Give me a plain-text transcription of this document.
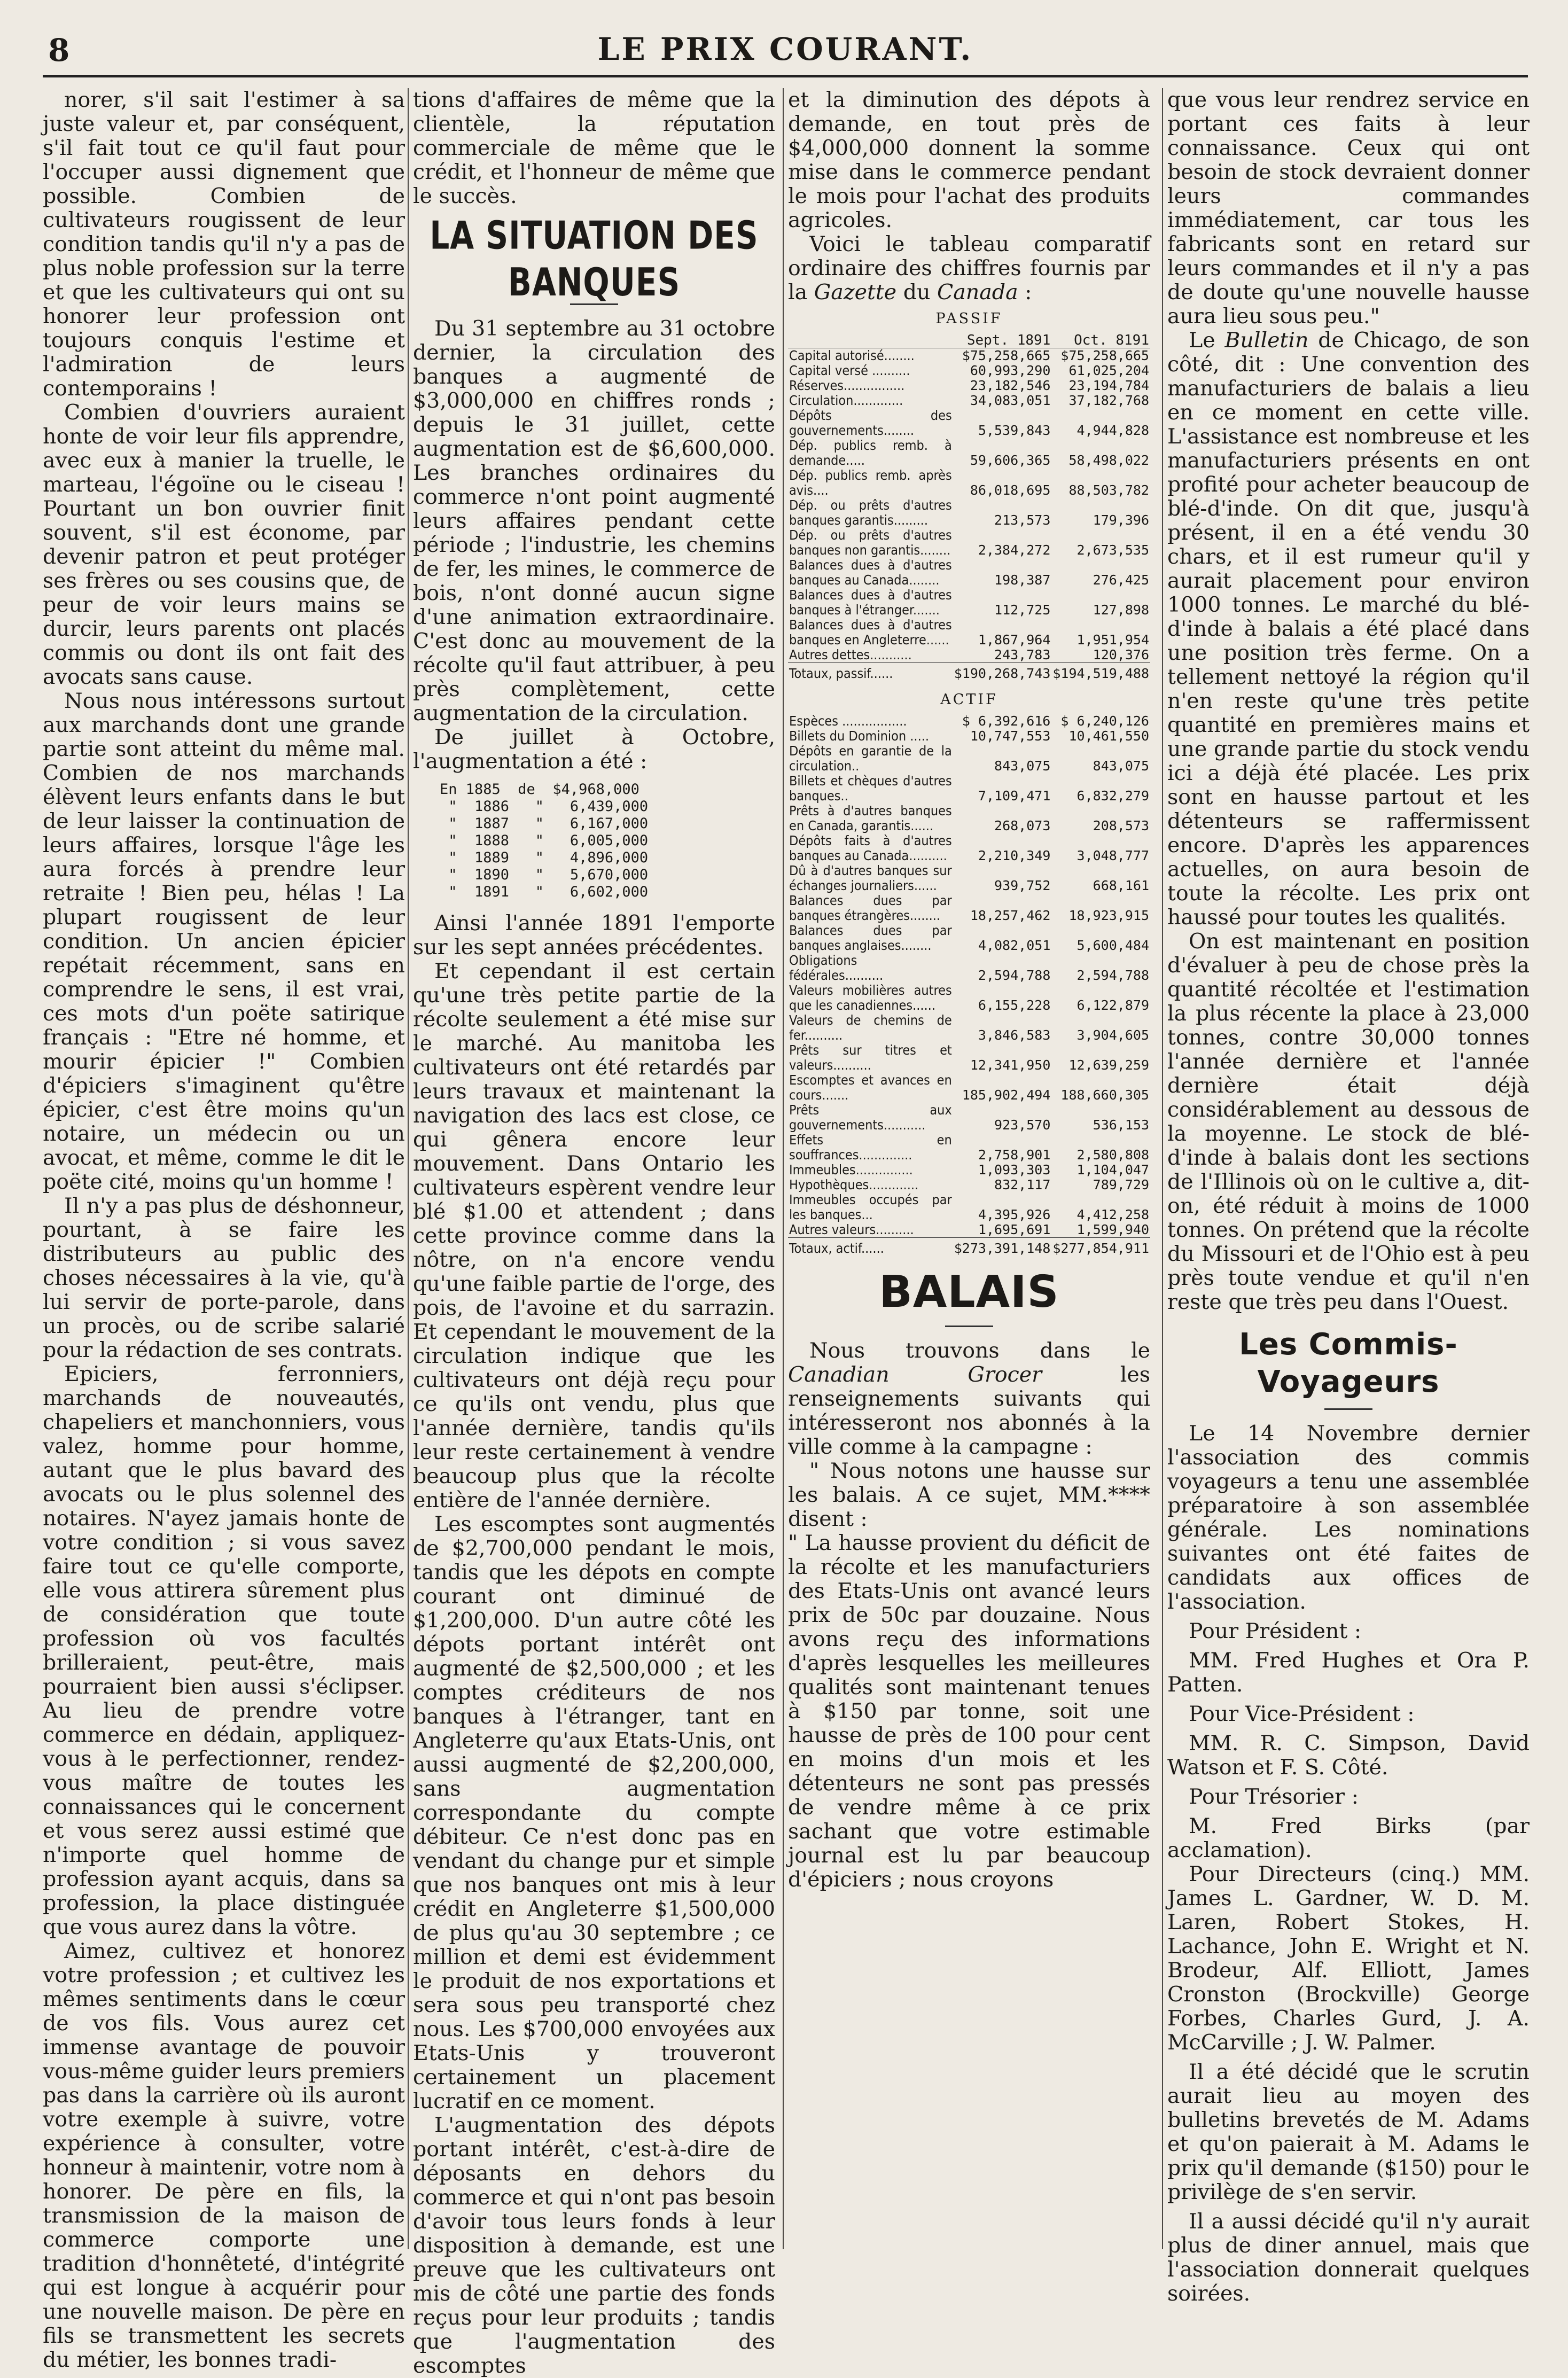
8	LE PRIX COURANT.

norer, s'il sait l'estimer à sa juste valeur et, par conséquent, s'il fait tout ce qu'il faut pour l'occuper aussi dignement que possible. Combien de cultivateurs rougissent de leur condition tandis qu'il n'y a pas de plus noble profession sur la terre et que les cultivateurs qui ont su honorer leur profession ont toujours conquis l'estime et l'admiration de leurs contemporains !

Combien d'ouvriers auraient honte de voir leur fils apprendre, avec eux à manier la truelle, le marteau, l'égoïne ou le ciseau ! Pourtant un bon ouvrier finit souvent, s'il est économe, par devenir patron et peut protéger ses frères ou ses cousins que, de peur de voir leurs mains se durcir, leurs parents ont placés commis ou dont ils ont fait des avocats sans cause.

Nous nous intéressons surtout aux marchands dont une grande partie sont atteint du même mal. Combien de nos marchands élèvent leurs enfants dans le but de leur laisser la continuation de leurs affaires, lorsque l'âge les aura forcés à prendre leur retraite ! Bien peu, hélas ! La plupart rougissent de leur condition. Un ancien épicier repétait récemment, sans en comprendre le sens, il est vrai, ces mots d'un poëte satirique français : "Etre né homme, et mourir épicier !" Combien d'épiciers s'imaginent qu'être épicier, c'est être moins qu'un notaire, un médecin ou un avocat, et même, comme le dit le poëte cité, moins qu'un homme !

Il n'y a pas plus de déshonneur, pourtant, à se faire les distributeurs au public des choses nécessaires à la vie, qu'à lui servir de porte-parole, dans un procès, ou de scribe salarié pour la rédaction de ses contrats.

Epiciers, ferronniers, marchands de nouveautés, chapeliers et manchonniers, vous valez, homme pour homme, autant que le plus bavard des avocats ou le plus solennel des notaires. N'ayez jamais honte de votre condition ; si vous savez faire tout ce qu'elle comporte, elle vous attirera sûrement plus de considération que toute profession où vos facultés brilleraient, peut-être, mais pourraient bien aussi s'éclipser. Au lieu de prendre votre commerce en dédain, appliquez-vous à le perfectionner, rendez-vous maître de toutes les connaissances qui le concernent et vous serez aussi estimé que n'importe quel homme de profession ayant acquis, dans sa profession, la place distinguée que vous aurez dans la vôtre.

Aimez, cultivez et honorez votre profession ; et cultivez les mêmes sentiments dans le cœur de vos fils. Vous aurez cet immense avantage de pouvoir vous-même guider leurs premiers pas dans la carrière où ils auront votre exemple à suivre, votre expérience à consulter, votre honneur à maintenir, votre nom à honorer. De père en fils, la transmission de la maison de commerce comporte une tradition d'honnêteté, d'intégrité qui est longue à acquérir pour une nouvelle maison. De père en fils se transmettent les secrets du métier, les bonnes tradi-

tions d'affaires de même que la clientèle, la réputation commerciale de même que le crédit, et l'honneur de même que le succès.

LA SITUATION DES BANQUES

Du 31 septembre au 31 octobre dernier, la circulation des banques a augmenté de $3,000,000 en chiffres ronds ; depuis le 31 juillet, cette augmentation est de $6,600,000. Les branches ordinaires du commerce n'ont point augmenté leurs affaires pendant cette période ; l'industrie, les chemins de fer, les mines, le commerce de bois, n'ont donné aucun signe d'une animation extraordinaire. C'est donc au mouvement de la récolte qu'il faut attribuer, à peu près complètement, cette augmentation de la circulation.

De juillet à Octobre, l'augmentation a été :

En 1885  de  $4,968,000
"  1886   "   6,439,000
"  1887   "   6,167,000
"  1888   "   6,005,000
"  1889   "   4,896,000
"  1890   "   5,670,000
"  1891   "   6,602,000

Ainsi l'année 1891 l'emporte sur les sept années précédentes.

Et cependant il est certain qu'une très petite partie de la récolte seulement a été mise sur le marché. Au manitoba les cultivateurs ont été retardés par leurs travaux et maintenant la navigation des lacs est close, ce qui gênera encore leur mouvement. Dans Ontario les cultivateurs espèrent vendre leur blé $1.00 et attendent ; dans cette province comme dans la nôtre, on n'a encore vendu qu'une faible partie de l'orge, des pois, de l'avoine et du sarrazin. Et cependant le mouvement de la circulation indique que les cultivateurs ont déjà reçu pour ce qu'ils ont vendu, plus que l'année dernière, tandis qu'ils leur reste certainement à vendre beaucoup plus que la récolte entière de l'année dernière.

Les escomptes sont augmentés de $2,700,000 pendant le mois, tandis que les dépots en compte courant ont diminué de $1,200,000. D'un autre côté les dépots portant intérêt ont augmenté de $2,500,000 ; et les comptes créditeurs de nos banques à l'étranger, tant en Angleterre qu'aux Etats-Unis, ont aussi augmenté de $2,200,000, sans augmentation correspondante du compte débiteur. Ce n'est donc pas en vendant du change pur et simple que nos banques ont mis à leur crédit en Angleterre $1,500,000 de plus qu'au 30 septembre ; ce million et demi est évidemment le produit de nos exportations et sera sous peu transporté chez nous. Les $700,000 envoyées aux Etats-Unis y trouveront certainement un placement lucratif en ce moment.

L'augmentation des dépots portant intérêt, c'est-à-dire de déposants en dehors du commerce et qui n'ont pas besoin d'avoir tous leurs fonds à leur disposition à demande, est une preuve que les cultivateurs ont mis de côté une partie des fonds reçus pour leur produits ; tandis que l'augmentation des escomptes

et la diminution des dépots à demande, en tout près de $4,000,000 donnent la somme mise dans le commerce pendant le mois pour l'achat des produits agricoles.

Voici le tableau comparatif ordinaire des chiffres fournis par la Gazette du Canada :

PASSIF
	Sept. 1891	Oct. 8191
Capital autorisé........	$75,258,665	$75,258,665
Capital versé ..........	60,993,290	61,025,204
Réserves................	23,182,546	23,194,784
Circulation.............	34,083,051	37,182,768
Dépôts des gouvernements........	5,539,843	4,944,828
Dép. publics remb. à demande.....	59,606,365	58,498,022
Dép. publics remb. après avis....	86,018,695	88,503,782
Dép. ou prêts d'autres banques garantis.........	213,573	179,396
Dép. ou prêts d'autres banques non garantis........	2,384,272	2,673,535
Balances dues à d'autres banques au Canada........	198,387	276,425
Balances dues à d'autres banques à l'étranger.......	112,725	127,898
Balances dues à d'autres banques en Angleterre......	1,867,964	1,951,954
Autres dettes...........	243,783	120,376
Totaux, passif......	$190,268,743	$194,519,488
ACTIF
Espèces .................	$ 6,392,616	$ 6,240,126
Billets du Dominion .....	10,747,553	10,461,550
Dépôts en garantie de la circulation..	843,075	843,075
Billets et chèques d'autres banques..	7,109,471	6,832,279
Prêts à d'autres banques en Canada, garantis......	268,073	208,573
Dépôts faits à d'autres banques au Canada..........	2,210,349	3,048,777
Dû à d'autres banques sur échanges journaliers......	939,752	668,161
Balances dues par banques étrangères........	18,257,462	18,923,915
Balances dues par banques anglaises........	4,082,051	5,600,484
Obligations fédérales..........	2,594,788	2,594,788
Valeurs mobilières autres que les canadiennes......	6,155,228	6,122,879
Valeurs de chemins de fer..........	3,846,583	3,904,605
Prêts sur titres et valeurs..........	12,341,950	12,639,259
Escomptes et avances en cours.......	185,902,494	188,660,305
Prêts aux gouvernements...........	923,570	536,153
Effets en souffrances..............	2,758,901	2,580,808
Immeubles...............	1,093,303	1,104,047
Hypothèques.............	832,117	789,729
Immeubles occupés par les banques...	4,395,926	4,412,258
Autres valeurs..........	1,695,691	1,599,940
Totaux, actif......	$273,391,148	$277,854,911
BALAIS

Nous trouvons dans le Canadian Grocer les renseignements suivants qui intéresseront nos abonnés à la ville comme à la campagne :

" Nous notons une hausse sur les balais. A ce sujet, MM.**** disent :

" La hausse provient du déficit de la récolte et les manufacturiers des Etats-Unis ont avancé leurs prix de 50c par douzaine. Nous avons reçu des informations d'après lesquelles les meilleures qualités sont maintenant tenues à $150 par tonne, soit une hausse de près de 100 pour cent en moins d'un mois et les détenteurs ne sont pas pressés de vendre même à ce prix sachant que votre estimable journal est lu par beaucoup d'épiciers ; nous croyons

que vous leur rendrez service en portant ces faits à leur connaissance. Ceux qui ont besoin de stock devraient donner leurs commandes immédiatement, car tous les fabricants sont en retard sur leurs commandes et il n'y a pas de doute qu'une nouvelle hausse aura lieu sous peu."

Le Bulletin de Chicago, de son côté, dit : Une convention des manufacturiers de balais a lieu en ce moment en cette ville. L'assistance est nombreuse et les manufacturiers présents en ont profité pour acheter beaucoup de blé-d'inde. On dit que, jusqu'à présent, il en a été vendu 30 chars, et il est rumeur qu'il y aurait placement pour environ 1000 tonnes. Le marché du blé-d'inde à balais a été placé dans une position très ferme. On a tellement nettoyé la région qu'il n'en reste qu'une très petite quantité en premières mains et une grande partie du stock vendu ici a déjà été placée. Les prix sont en hausse partout et les détenteurs se raffermissent encore. D'après les apparences actuelles, on aura besoin de toute la récolte. Les prix ont haussé pour toutes les qualités.

On est maintenant en position d'évaluer à peu de chose près la quantité récoltée et l'estimation la plus récente la place à 23,000 tonnes, contre 30,000 tonnes l'année dernière et l'année dernière était déjà considérablement au dessous de la moyenne. Le stock de blé-d'inde à balais dont les sections de l'Illinois où on le cultive a, dit-on, été réduit à moins de 1000 tonnes. On prétend que la récolte du Missouri et de l'Ohio est à peu près toute vendue et qu'il n'en reste que très peu dans l'Ouest.

Les Commis-Voyageurs

Le 14 Novembre dernier l'association des commis voyageurs a tenu une assemblée préparatoire à son assemblée générale. Les nominations suivantes ont été faites de candidats aux offices de l'association.

Pour Président :

MM. Fred Hughes et Ora P. Patten.

Pour Vice-Président :

MM. R. C. Simpson, David Watson et F. S. Côté.

Pour Trésorier :

M. Fred Birks (par acclamation).

Pour Directeurs (cinq.) MM. James L. Gardner, W. D. M. Laren, Robert Stokes, H. Lachance, John E. Wright et N. Brodeur, Alf. Elliott, James Cronston (Brockville) George Forbes, Charles Gurd, J. A. McCarville ; J. W. Palmer.

Il a été décidé que le scrutin aurait lieu au moyen des bulletins brevetés de M. Adams et qu'on paierait à M. Adams le prix qu'il demande ($150) pour le privilège de s'en servir.

Il a aussi décidé qu'il n'y aurait plus de diner annuel, mais que l'association donnerait quelques soirées.
